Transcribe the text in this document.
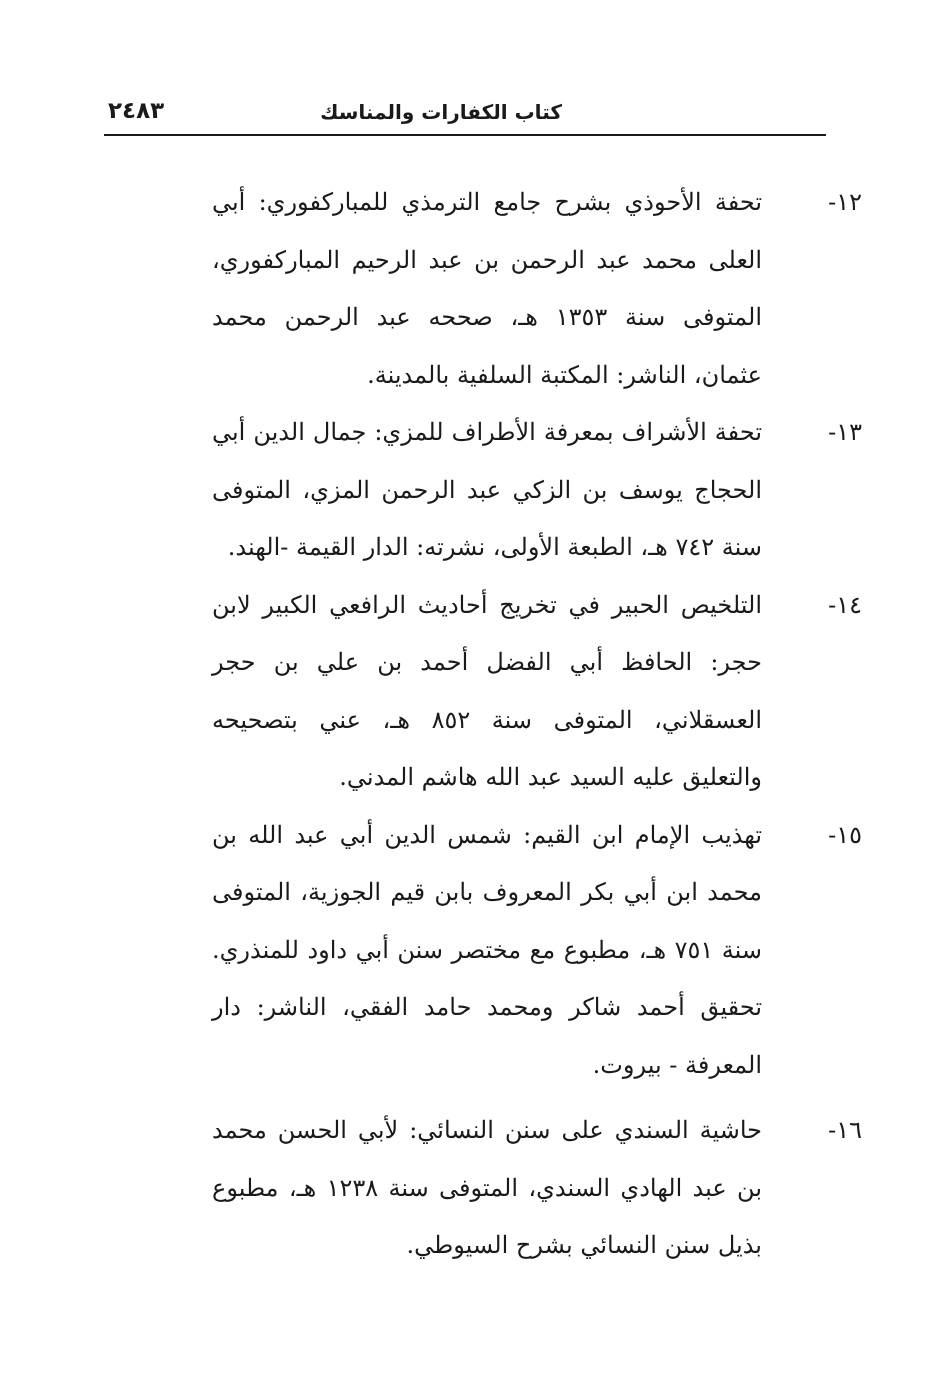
كتاب الكفارات والمناسك
٢٤٨٣
١٢-
تحفة الأحوذي بشرح جامع الترمذي للمباركفوري: أبي العلى محمد عبد الرحمن بن عبد الرحيم المباركفوري، المتوفى سنة ١٣٥٣ هـ، صححه عبد الرحمن محمد عثمان، الناشر: المكتبة السلفية بالمدينة.
١٣-
تحفة الأشراف بمعرفة الأطراف للمزي: جمال الدين أبي الحجاج يوسف بن الزكي عبد الرحمن المزي، المتوفى سنة ٧٤٢ هـ، الطبعة الأولى، نشرته: الدار القيمة -الهند.
١٤-
التلخيص الحبير في تخريج أحاديث الرافعي الكبير لابن حجر: الحافظ أبي الفضل أحمد بن علي بن حجر العسقلاني، المتوفى سنة ٨٥٢ هـ، عني بتصحيحه والتعليق عليه السيد عبد الله هاشم المدني.
١٥-
تهذيب الإمام ابن القيم: شمس الدين أبي عبد الله بن محمد ابن أبي بكر المعروف بابن قيم الجوزية، المتوفى سنة ٧٥١ هـ، مطبوع مع مختصر سنن أبي داود للمنذري. تحقيق أحمد شاكر ومحمد حامد الفقي، الناشر: دار المعرفة - بيروت.
١٦-
حاشية السندي على سنن النسائي: لأبي الحسن محمد بن عبد الهادي السندي، المتوفى سنة ١٢٣٨ هـ، مطبوع بذيل سنن النسائي بشرح السيوطي.
